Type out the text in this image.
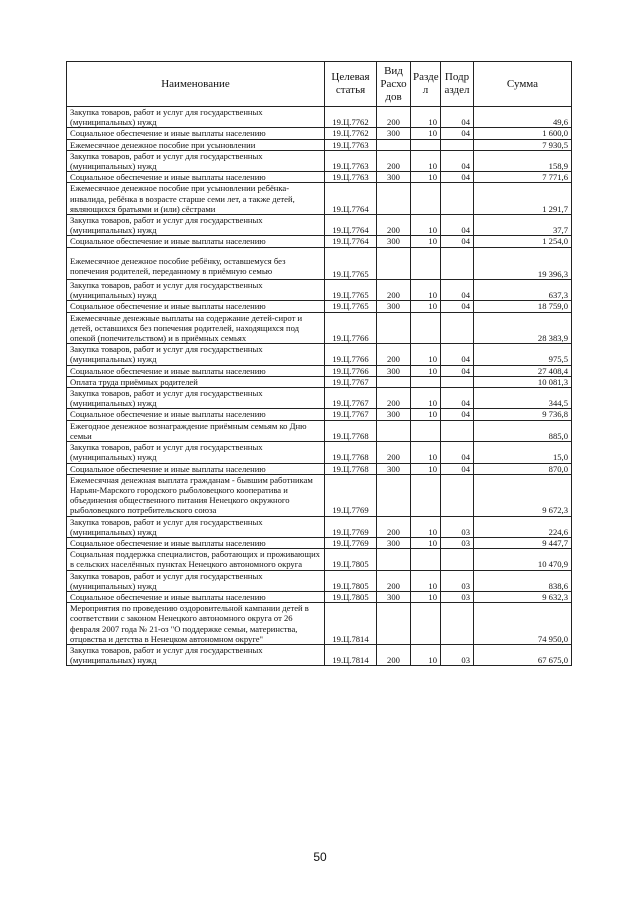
Наименование	Целевая статья	Вид Расхо дов	Разде л	Подр аздел	Сумма
Закупка товаров, работ и услуг для государственных (муниципальных) нужд	19.Ц.7762	200	10	04	49,6
Социальное обеспечение и иные выплаты населению	19.Ц.7762	300	10	04	1 600,0
Ежемесячное денежное пособие при усыновлении	19.Ц.7763				7 930,5
Закупка товаров, работ и услуг для государственных (муниципальных) нужд	19.Ц.7763	200	10	04	158,9
Социальное обеспечение и иные выплаты населению	19.Ц.7763	300	10	04	7 771,6
Ежемесячное денежное пособие при усыновлении ребёнка-инвалида, ребёнка в возрасте старше семи лет, а также детей, являющихся братьями и (или) сёстрами	19.Ц.7764				1 291,7
Закупка товаров, работ и услуг для государственных (муниципальных) нужд	19.Ц.7764	200	10	04	37,7
Социальное обеспечение и иные выплаты населению	19.Ц.7764	300	10	04	1 254,0
Ежемесячное денежное пособие ребёнку, оставшемуся без попечения родителей, переданному в приёмную семью	19.Ц.7765				19 396,3
Закупка товаров, работ и услуг для государственных (муниципальных) нужд	19.Ц.7765	200	10	04	637,3
Социальное обеспечение и иные выплаты населению	19.Ц.7765	300	10	04	18 759,0
Ежемесячные денежные выплаты на содержание детей-сирот и детей, оставшихся без попечения родителей, находящихся под опекой (попечительством) и в приёмных семьях	19.Ц.7766				28 383,9
Закупка товаров, работ и услуг для государственных (муниципальных) нужд	19.Ц.7766	200	10	04	975,5
Социальное обеспечение и иные выплаты населению	19.Ц.7766	300	10	04	27 408,4
Оплата труда приёмных родителей	19.Ц.7767				10 081,3
Закупка товаров, работ и услуг для государственных (муниципальных) нужд	19.Ц.7767	200	10	04	344,5
Социальное обеспечение и иные выплаты населению	19.Ц.7767	300	10	04	9 736,8
Ежегодное денежное вознаграждение приёмным семьям ко Дню семьи	19.Ц.7768				885,0
Закупка товаров, работ и услуг для государственных (муниципальных) нужд	19.Ц.7768	200	10	04	15,0
Социальное обеспечение и иные выплаты населению	19.Ц.7768	300	10	04	870,0
Ежемесячная денежная выплата гражданам - бывшим работникам Нарьян-Марского городского рыболовецкого кооператива и объединения общественного питания Ненецкого окружного рыболовецкого потребительского союза	19.Ц.7769				9 672,3
Закупка товаров, работ и услуг для государственных (муниципальных) нужд	19.Ц.7769	200	10	03	224,6
Социальное обеспечение и иные выплаты населению	19.Ц.7769	300	10	03	9 447,7
Социальная поддержка специалистов, работающих и проживающих в сельских населённых пунктах Ненецкого автономного округа	19.Ц.7805				10 470,9
Закупка товаров, работ и услуг для государственных (муниципальных) нужд	19.Ц.7805	200	10	03	838,6
Социальное обеспечение и иные выплаты населению	19.Ц.7805	300	10	03	9 632,3
Мероприятия по проведению оздоровительной кампании детей в соответствии с законом Ненецкого автономного округа от 26 февраля 2007 года № 21-оз "О поддержке семьи, материнства, отцовства и детства в Ненецком автономном округе"	19.Ц.7814				74 950,0
Закупка товаров, работ и услуг для государственных (муниципальных) нужд	19.Ц.7814	200	10	03	67 675,0
50
